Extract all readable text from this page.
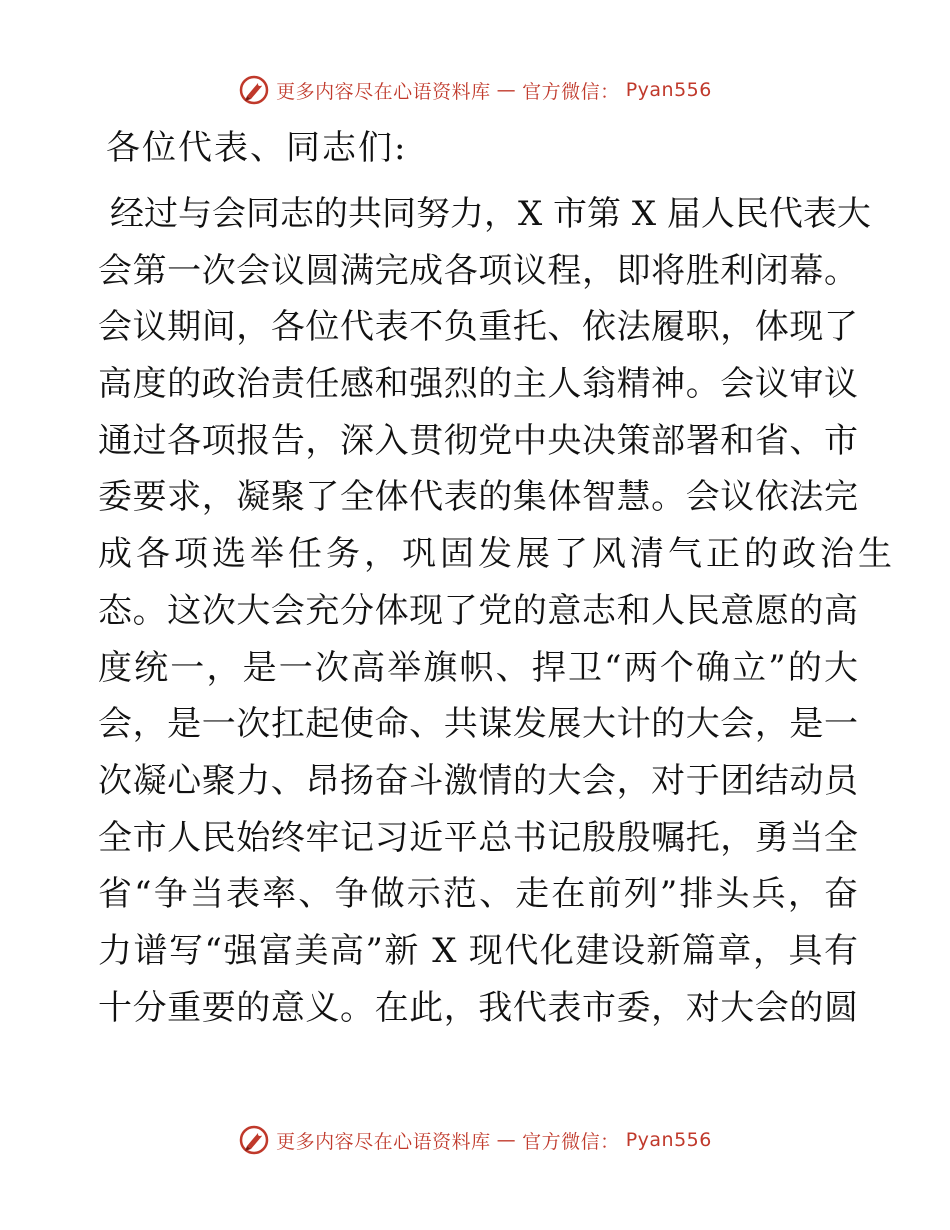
更多内容尽在心语资料库 — 官方微信： Pyan556
各位代表、同志们:
经过与会同志的共同努力，X 市第 X 届人民代表大
会第一次会议圆满完成各项议程，即将胜利闭幕。
会议期间，各位代表不负重托、依法履职，体现了
高度的政治责任感和强烈的主人翁精神。会议审议
通过各项报告，深入贯彻党中央决策部署和省、市
委要求，凝聚了全体代表的集体智慧。会议依法完
成各项选举任务，巩固发展了风清气正的政治生
态。这次大会充分体现了党的意志和人民意愿的高
度统一，是一次高举旗帜、捍卫“两个确立”的大
会，是一次扛起使命、共谋发展大计的大会，是一
次凝心聚力、昂扬奋斗激情的大会，对于团结动员
全市人民始终牢记习近平总书记殷殷嘱托，勇当全
省“争当表率、争做示范、走在前列”排头兵，奋
力谱写“强富美高”新 X 现代化建设新篇章，具有
十分重要的意义。在此，我代表市委，对大会的圆
更多内容尽在心语资料库 — 官方微信： Pyan556
